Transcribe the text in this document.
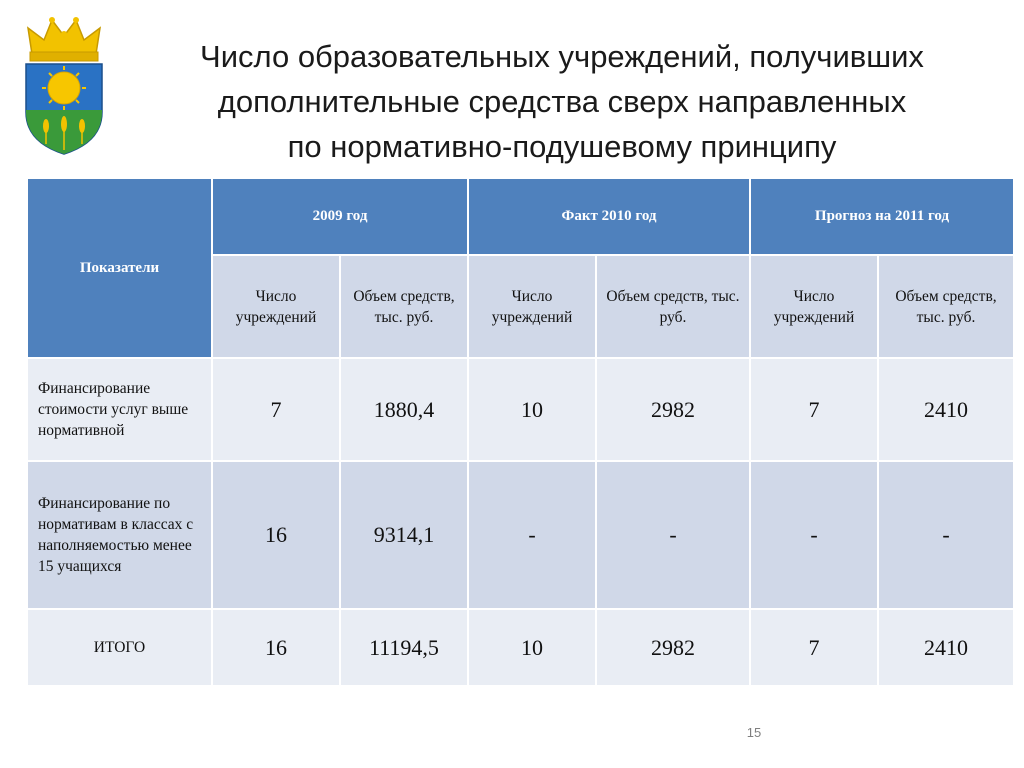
Число образовательных учреждений, получивших
дополнительные средства сверх направленных
по нормативно-подушевому принципу
Показатели	2009 год		Факт 2010 год		Прогноз на 2011 год	
	Число учреждений	Объем средств, тыс. руб.	Число учреждений	Объем средств, тыс. руб.	Число учреждений	Объем средств, тыс. руб.
Финансирование стоимости услуг выше нормативной	7	1880,4	10	2982	7	2410
Финансирование по нормативам в классах с наполняемостью менее 15 учащихся	16	9314,1	-	-	-	-
ИТОГО	16	11194,5	10	2982	7	2410
15
